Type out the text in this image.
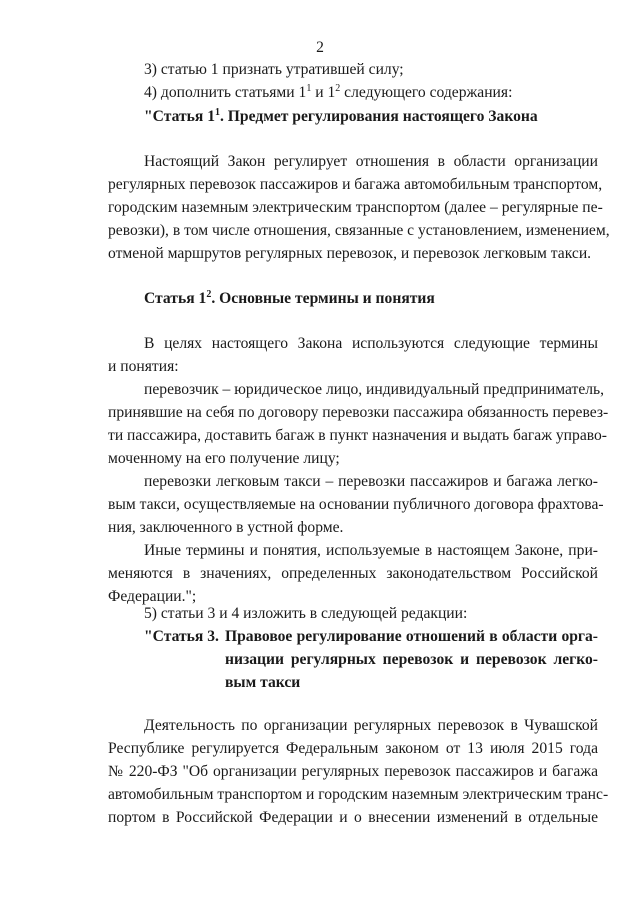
2
3) статью 1 признать утратившей силу;
4) дополнить статьями $1^1$ и $1^2$ следующего содержания:
"Статья $1^1$. Предмет регулирования настоящего Закона
Настоящий Закон регулирует отношения в области организации
регулярных перевозок пассажиров и багажа автомобильным транспортом,
городским наземным электрическим транспортом (далее – регулярные пе-
ревозки), в том числе отношения, связанные с установлением, изменением,
отменой маршрутов регулярных перевозок, и перевозок легковым такси.
Статья $1^2$. Основные термины и понятия
В целях настоящего Закона используются следующие термины
и понятия:
перевозчик – юридическое лицо, индивидуальный предприниматель,
принявшие на себя по договору перевозки пассажира обязанность перевез-
ти пассажира, доставить багаж в пункт назначения и выдать багаж управо-
моченному на его получение лицу;
перевозки легковым такси – перевозки пассажиров и багажа легко-
вым такси, осуществляемые на основании публичного договора фрахтова-
ния, заключенного в устной форме.
Иные термины и понятия, используемые в настоящем Законе, при-
меняются в значениях, определенных законодательством Российской
Федерации.";
5) статьи 3 и 4 изложить в следующей редакции:
"Статья 3. Правовое регулирование отношений в области орга-
низации регулярных перевозок и перевозок легко-
вым такси
Деятельность по организации регулярных перевозок в Чувашской
Республике регулируется Федеральным законом от 13 июля 2015 года
№ 220-ФЗ "Об организации регулярных перевозок пассажиров и багажа
автомобильным транспортом и городским наземным электрическим транс-
портом в Российской Федерации и о внесении изменений в отдельные
